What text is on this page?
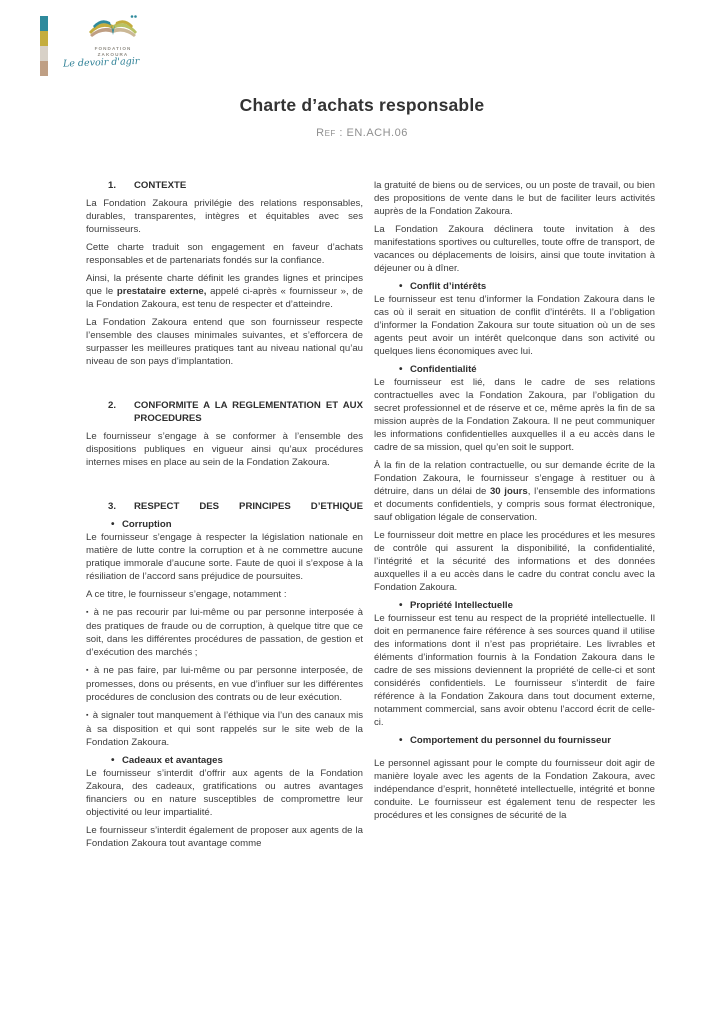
FONDATION
ZAKOURA
Le devoir d'agir
Charte d’achats responsable
Ref : EN.ACH.06
1.	CONTEXTE

La Fondation Zakoura privilégie des relations responsables, durables, transparentes, intègres et équitables avec ses fournisseurs.

Cette charte traduit son engagement en faveur d’achats responsables et de partenariats fondés sur la confiance.

Ainsi, la présente charte définit les grandes lignes et principes que le prestataire externe, appelé ci-après « fournisseur », de la Fondation Zakoura, est tenu de respecter et d’atteindre.

La Fondation Zakoura entend que son fournisseur respecte l’ensemble des clauses minimales suivantes, et s’efforcera de surpasser les meilleures pratiques tant au niveau national qu’au niveau de son pays d’implantation.

2.	CONFORMITE A LA REGLEMENTATION ET AUX PROCEDURES

Le fournisseur s’engage à se conformer à l’ensemble des dispositions publiques en vigueur ainsi qu’aux procédures internes mises en place au sein de la Fondation Zakoura.

3.	RESPECT DES PRINCIPES D’ETHIQUE
• Corruption

Le fournisseur s’engage à respecter la législation nationale en matière de lutte contre la corruption et à ne commettre aucune pratique immorale d’aucune sorte. Faute de quoi il s’expose à la résiliation de l’accord sans préjudice de poursuites.

A ce titre, le fournisseur s’engage, notamment :

▪ à ne pas recourir par lui-même ou par personne interposée à des pratiques de fraude ou de corruption, à quelque titre que ce soit, dans les différentes procédures de passation, de gestion et d’exécution des marchés ;

▪ à ne pas faire, par lui-même ou par personne interposée, de promesses, dons ou présents, en vue d’influer sur les différentes procédures de conclusion des contrats ou de leur exécution.

▪ à signaler tout manquement à l’éthique via l’un des canaux mis à sa disposition et qui sont rappelés sur le site web de la Fondation Zakoura.

• Cadeaux et avantages

Le fournisseur s’interdit d’offrir aux agents de la Fondation Zakoura, des cadeaux, gratifications ou autres avantages financiers ou en nature susceptibles de compromettre leur objectivité ou leur impartialité.

Le fournisseur s’interdit également de proposer aux agents de la Fondation Zakoura tout avantage comme

la gratuité de biens ou de services, ou un poste de travail, ou bien des propositions de vente dans le but de faciliter leurs activités auprès de la Fondation Zakoura.

La Fondation Zakoura déclinera toute invitation à des manifestations sportives ou culturelles, toute offre de transport, de vacances ou déplacements de loisirs, ainsi que toute invitation à déjeuner ou à dîner.

• Conflit d’intérêts

Le fournisseur est tenu d’informer la Fondation Zakoura dans le cas où il serait en situation de conflit d’intérêts. Il a l’obligation d’informer la Fondation Zakoura sur toute situation où un de ses agents peut avoir un intérêt quelconque dans son activité ou quelques liens économiques avec lui.

• Confidentialité

Le fournisseur est lié, dans le cadre de ses relations contractuelles avec la Fondation Zakoura, par l’obligation du secret professionnel et de réserve et ce, même après la fin de sa mission auprès de la Fondation Zakoura. Il ne peut communiquer les informations confidentielles auxquelles il a eu accès dans le cadre de sa mission, quel qu’en soit le support.

À la fin de la relation contractuelle, ou sur demande écrite de la Fondation Zakoura, le fournisseur s’engage à restituer ou à détruire, dans un délai de 30 jours, l’ensemble des informations et documents confidentiels, y compris sous format électronique, sauf obligation légale de conservation.

Le fournisseur doit mettre en place les procédures et les mesures de contrôle qui assurent la disponibilité, la confidentialité, l’intégrité et la sécurité des informations et des données auxquelles il a eu accès dans le cadre du contrat conclu avec la Fondation Zakoura.

• Propriété Intellectuelle

Le fournisseur est tenu au respect de la propriété intellectuelle. Il doit en permanence faire référence à ses sources quand il utilise des informations dont il n’est pas propriétaire. Les livrables et éléments d’information fournis à la Fondation Zakoura dans le cadre de ses missions deviennent la propriété de celle-ci et sont considérés confidentiels. Le fournisseur s’interdit de faire référence à la Fondation Zakoura dans tout document externe, notamment commercial, sans avoir obtenu l’accord écrit de celle-ci.

• Comportement du personnel du fournisseur

Le personnel agissant pour le compte du fournisseur doit agir de manière loyale avec les agents de la Fondation Zakoura, avec indépendance d’esprit, honnêteté intellectuelle, intégrité et bonne conduite. Le fournisseur est également tenu de respecter les procédures et les consignes de sécurité de la
